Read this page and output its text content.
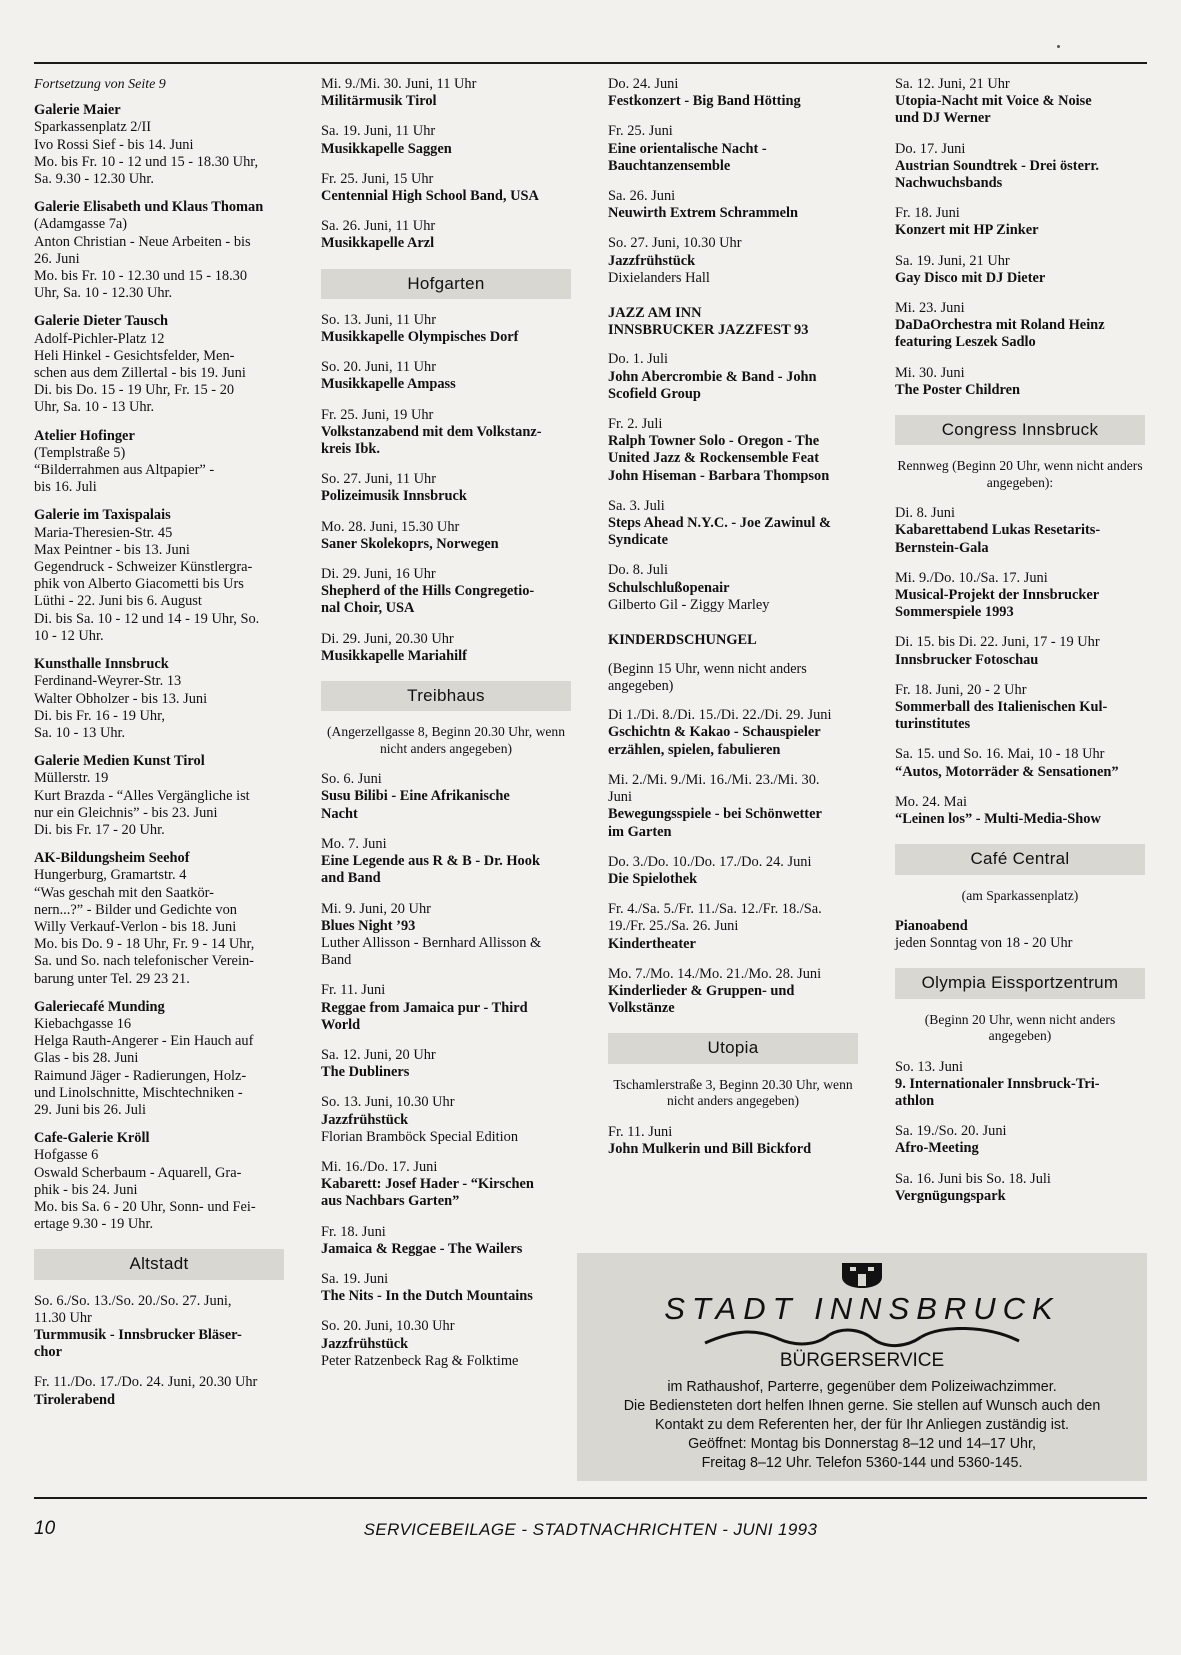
Fortsetzung von Seite 9
Galerie Maier
Sparkassenplatz 2/II
Ivo Rossi Sief - bis 14. Juni
Mo. bis Fr. 10 - 12 und 15 - 18.30 Uhr,
Sa. 9.30 - 12.30 Uhr.
Galerie Elisabeth und Klaus Thoman
(Adamgasse 7a)
Anton Christian - Neue Arbeiten - bis
26. Juni
Mo. bis Fr. 10 - 12.30 und 15 - 18.30
Uhr, Sa. 10 - 12.30 Uhr.
Galerie Dieter Tausch
Adolf-Pichler-Platz 12
Heli Hinkel - Gesichtsfelder, Men-
schen aus dem Zillertal - bis 19. Juni
Di. bis Do. 15 - 19 Uhr, Fr. 15 - 20
Uhr, Sa. 10 - 13 Uhr.
Atelier Hofinger
(Templstraße 5)
“Bilderrahmen aus Altpapier” -
bis 16. Juli
Galerie im Taxispalais
Maria-Theresien-Str. 45
Max Peintner - bis 13. Juni
Gegendruck - Schweizer Künstlergra-
phik von Alberto Giacometti bis Urs
Lüthi - 22. Juni bis 6. August
Di. bis Sa. 10 - 12 und 14 - 19 Uhr, So.
10 - 12 Uhr.
Kunsthalle Innsbruck
Ferdinand-Weyrer-Str. 13
Walter Obholzer - bis 13. Juni
Di. bis Fr. 16 - 19 Uhr,
Sa. 10 - 13 Uhr.
Galerie Medien Kunst Tirol
Müllerstr. 19
Kurt Brazda - “Alles Vergängliche ist
nur ein Gleichnis” - bis 23. Juni
Di. bis Fr. 17 - 20 Uhr.
AK-Bildungsheim Seehof
Hungerburg, Gramartstr. 4
“Was geschah mit den Saatkör-
nern...?” - Bilder und Gedichte von
Willy Verkauf-Verlon - bis 18. Juni
Mo. bis Do. 9 - 18 Uhr, Fr. 9 - 14 Uhr,
Sa. und So. nach telefonischer Verein-
barung unter Tel. 29 23 21.
Galeriecafé Munding
Kiebachgasse 16
Helga Rauth-Angerer - Ein Hauch auf
Glas - bis 28. Juni
Raimund Jäger - Radierungen, Holz-
und Linolschnitte, Mischtechniken -
29. Juni bis 26. Juli
Cafe-Galerie Kröll
Hofgasse 6
Oswald Scherbaum - Aquarell, Gra-
phik - bis 24. Juni
Mo. bis Sa. 6 - 20 Uhr, Sonn- und Fei-
ertage 9.30 - 19 Uhr.
Altstadt
So. 6./So. 13./So. 20./So. 27. Juni,
11.30 Uhr
Turmmusik - Innsbrucker Bläser-
chor
Fr. 11./Do. 17./Do. 24. Juni, 20.30 Uhr
Tirolerabend
Mi. 9./Mi. 30. Juni, 11 Uhr
Militärmusik Tirol
Sa. 19. Juni, 11 Uhr
Musikkapelle Saggen
Fr. 25. Juni, 15 Uhr
Centennial High School Band, USA
Sa. 26. Juni, 11 Uhr
Musikkapelle Arzl
Hofgarten
So. 13. Juni, 11 Uhr
Musikkapelle Olympisches Dorf
So. 20. Juni, 11 Uhr
Musikkapelle Ampass
Fr. 25. Juni, 19 Uhr
Volkstanzabend mit dem Volkstanz-
kreis Ibk.
So. 27. Juni, 11 Uhr
Polizeimusik Innsbruck
Mo. 28. Juni, 15.30 Uhr
Saner Skolekoprs, Norwegen
Di. 29. Juni, 16 Uhr
Shepherd of the Hills Congregetio-
nal Choir, USA
Di. 29. Juni, 20.30 Uhr
Musikkapelle Mariahilf
Treibhaus
(Angerzellgasse 8, Beginn 20.30 Uhr, wenn nicht anders angegeben)
So. 6. Juni
Susu Bilibi - Eine Afrikanische
Nacht
Mo. 7. Juni
Eine Legende aus R & B - Dr. Hook
and Band
Mi. 9. Juni, 20 Uhr
Blues Night ’93
Luther Allisson - Bernhard Allisson &
Band
Fr. 11. Juni
Reggae from Jamaica pur - Third
World
Sa. 12. Juni, 20 Uhr
The Dubliners
So. 13. Juni, 10.30 Uhr
Jazzfrühstück
Florian Bramböck Special Edition
Mi. 16./Do. 17. Juni
Kabarett: Josef Hader - “Kirschen
aus Nachbars Garten”
Fr. 18. Juni
Jamaica & Reggae - The Wailers
Sa. 19. Juni
The Nits - In the Dutch Mountains
So. 20. Juni, 10.30 Uhr
Jazzfrühstück
Peter Ratzenbeck Rag & Folktime
Do. 24. Juni
Festkonzert - Big Band Hötting
Fr. 25. Juni
Eine orientalische Nacht -
Bauchtanzensemble
Sa. 26. Juni
Neuwirth Extrem Schrammeln
So. 27. Juni, 10.30 Uhr
Jazzfrühstück
Dixielanders Hall
JAZZ AM INN
INNSBRUCKER JAZZFEST 93
Do. 1. Juli
John Abercrombie & Band - John
Scofield Group
Fr. 2. Juli
Ralph Towner Solo - Oregon - The
United Jazz & Rockensemble Feat
John Hiseman - Barbara Thompson
Sa. 3. Juli
Steps Ahead N.Y.C. - Joe Zawinul &
Syndicate
Do. 8. Juli
Schulschlußopenair
Gilberto Gil - Ziggy Marley
KINDERDSCHUNGEL
(Beginn 15 Uhr, wenn nicht anders angegeben)
Di 1./Di. 8./Di. 15./Di. 22./Di. 29. Juni
Gschichtn & Kakao - Schauspieler
erzählen, spielen, fabulieren
Mi. 2./Mi. 9./Mi. 16./Mi. 23./Mi. 30.
Juni
Bewegungsspiele - bei Schönwetter
im Garten
Do. 3./Do. 10./Do. 17./Do. 24. Juni
Die Spielothek
Fr. 4./Sa. 5./Fr. 11./Sa. 12./Fr. 18./Sa.
19./Fr. 25./Sa. 26. Juni
Kindertheater
Mo. 7./Mo. 14./Mo. 21./Mo. 28. Juni
Kinderlieder & Gruppen- und
Volkstänze
Utopia
Tschamlerstraße 3, Beginn 20.30 Uhr, wenn nicht anders angegeben)
Fr. 11. Juni
John Mulkerin und Bill Bickford
Sa. 12. Juni, 21 Uhr
Utopia-Nacht mit Voice & Noise
und DJ Werner
Do. 17. Juni
Austrian Soundtrek - Drei österr.
Nachwuchsbands
Fr. 18. Juni
Konzert mit HP Zinker
Sa. 19. Juni, 21 Uhr
Gay Disco mit DJ Dieter
Mi. 23. Juni
DaDaOrchestra mit Roland Heinz
featuring Leszek Sadlo
Mi. 30. Juni
The Poster Children
Congress Innsbruck
Rennweg (Beginn 20 Uhr, wenn nicht anders angegeben):
Di. 8. Juni
Kabarettabend Lukas Resetarits-
Bernstein-Gala
Mi. 9./Do. 10./Sa. 17. Juni
Musical-Projekt der Innsbrucker
Sommerspiele 1993
Di. 15. bis Di. 22. Juni, 17 - 19 Uhr
Innsbrucker Fotoschau
Fr. 18. Juni, 20 - 2 Uhr
Sommerball des Italienischen Kul-
turinstitutes
Sa. 15. und So. 16. Mai, 10 - 18 Uhr
“Autos, Motorräder & Sensationen”
Mo. 24. Mai
“Leinen los” - Multi-Media-Show
Café Central
(am Sparkassenplatz)
Pianoabend
jeden Sonntag von 18 - 20 Uhr
Olympia Eissportzentrum
(Beginn 20 Uhr, wenn nicht anders angegeben)
So. 13. Juni
9. Internationaler Innsbruck-Tri-
athlon
Sa. 19./So. 20. Juni
Afro-Meeting
Sa. 16. Juni bis So. 18. Juli
Vergnügungspark
STADT INNSBRUCK
BÜRGERSERVICE
im Rathaushof, Parterre, gegenüber dem Polizeiwachzimmer.
Die Bediensteten dort helfen Ihnen gerne. Sie stellen auf Wunsch auch den
Kontakt zu dem Referenten her, der für Ihr Anliegen zuständig ist.
Geöffnet: Montag bis Donnerstag 8–12 und 14–17 Uhr,
Freitag 8–12 Uhr. Telefon 5360-144 und 5360-145.
10	SERVICEBEILAGE - STADTNACHRICHTEN - JUNI 1993
